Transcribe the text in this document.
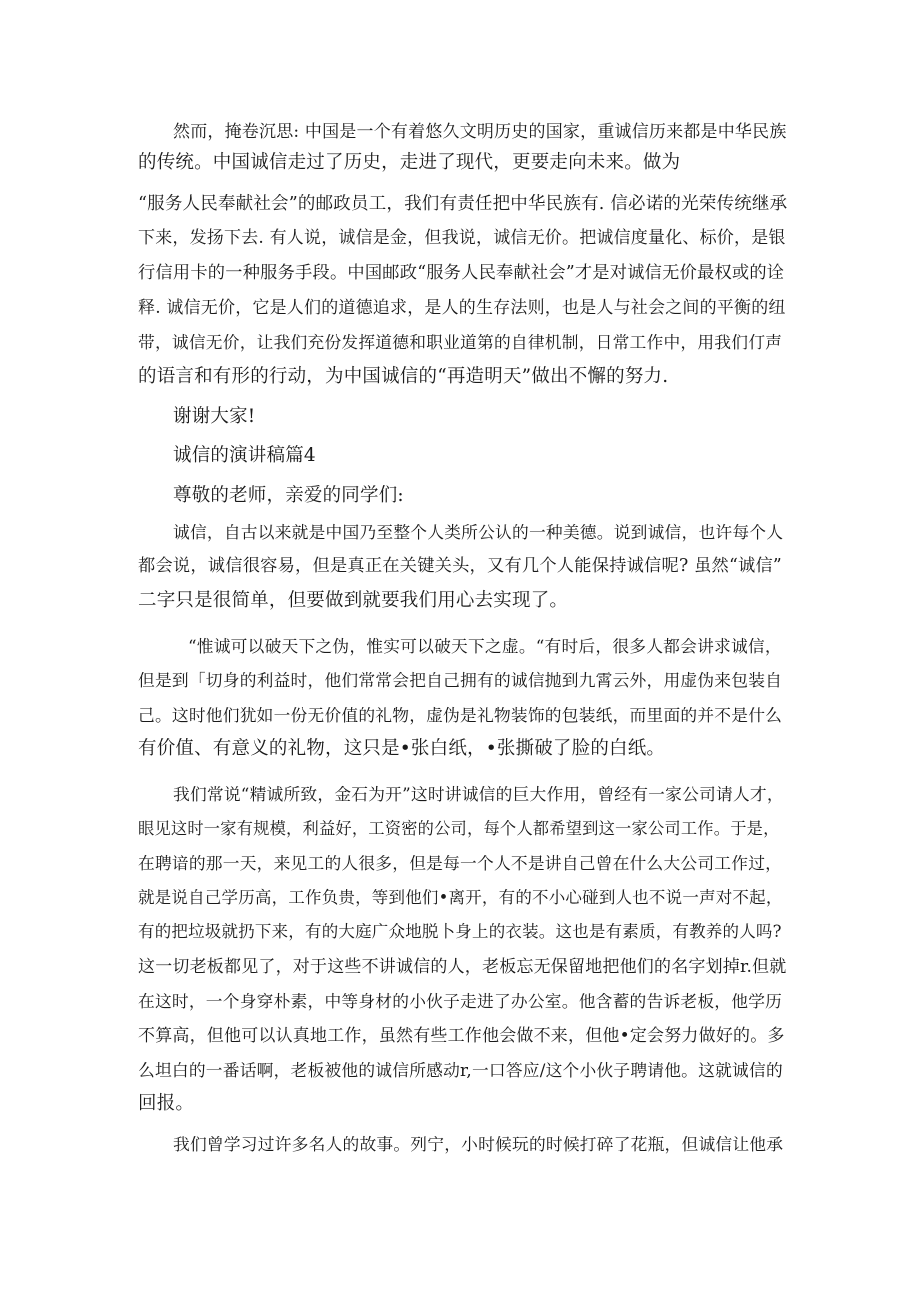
然而，掩卷沉思: 中国是一个有着悠久文明历史的国家，重诚信历来都是中华民族
的传统。中国诚信走过了历史，走进了现代，更要走向未来。做为
“服务人民奉献社会”的邮政员工，我们有责任把中华民族有. 信必诺的光荣传统继承
下来，发扬下去. 有人说，诚信是金，但我说，诚信无价。把诚信度量化、标价，是银
行信用卡的一种服务手段。中国邮政“服务人民奉献社会”才是对诚信无价最权或的诠
释. 诚信无价，它是人们的道德追求，是人的生存法则，也是人与社会之间的平衡的纽
带，诚信无价，让我们充份发挥道德和职业道第的自律机制，日常工作中，用我们仃声
的语言和有形的行动，为中国诚信的“再造明天”做出不懈的努力.
谢谢大家!
诚信的演讲稿篇4
尊敬的老师，亲爱的同学们:
诚信，自古以来就是中国乃至整个人类所公认的一种美德。说到诚信，也许每个人
都会说，诚信很容易，但是真正在关键关头，又有几个人能保持诚信呢? 虽然“诚信”
二字只是很简单，但要做到就要我们用心去实现了。
“惟诚可以破天下之伪，惟实可以破天下之虚。“有时后，很多人都会讲求诚信，
但是到「切身的利益时，他们常常会把自己拥有的诚信抛到九霄云外，用虚伪来包装自
己。这时他们犹如一份无价值的礼物，虚伪是礼物装饰的包装纸，而里面的并不是什么
有价值、有意义的礼物，这只是•张白纸，•张撕破了脸的白纸。
我们常说“精诚所致，金石为开”这时讲诚信的巨大作用，曾经有一家公司请人才，
眼见这时一家有规模，利益好，工资密的公司，每个人都希望到这一家公司工作。于是，
在聘谙的那一天，来见工的人很多，但是每一个人不是讲自己曾在什么大公司工作过，
就是说自己学历高，工作负贵，等到他们•离开，有的不小心碰到人也不说一声对不起，
有的把垃圾就扔下来，有的大庭广众地脱卜身上的衣装。这也是有素质，有教养的人吗?
这一切老板都见了，对于这些不讲诚信的人，老板忘无保留地把他们的名字划掉r.但就
在这时，一个身穿朴素，中等身材的小伙子走进了办公室。他含蓄的告诉老板，他学历
不算高，但他可以认真地工作，虽然有些工作他会做不来，但他•定会努力做好的。多
么坦白的一番话啊，老板被他的诚信所感动r,一口答应/这个小伙子聘请他。这就诚信的
回报。
我们曾学习过许多名人的故事。列宁，小时候玩的时候打碎了花瓶，但诚信让他承
